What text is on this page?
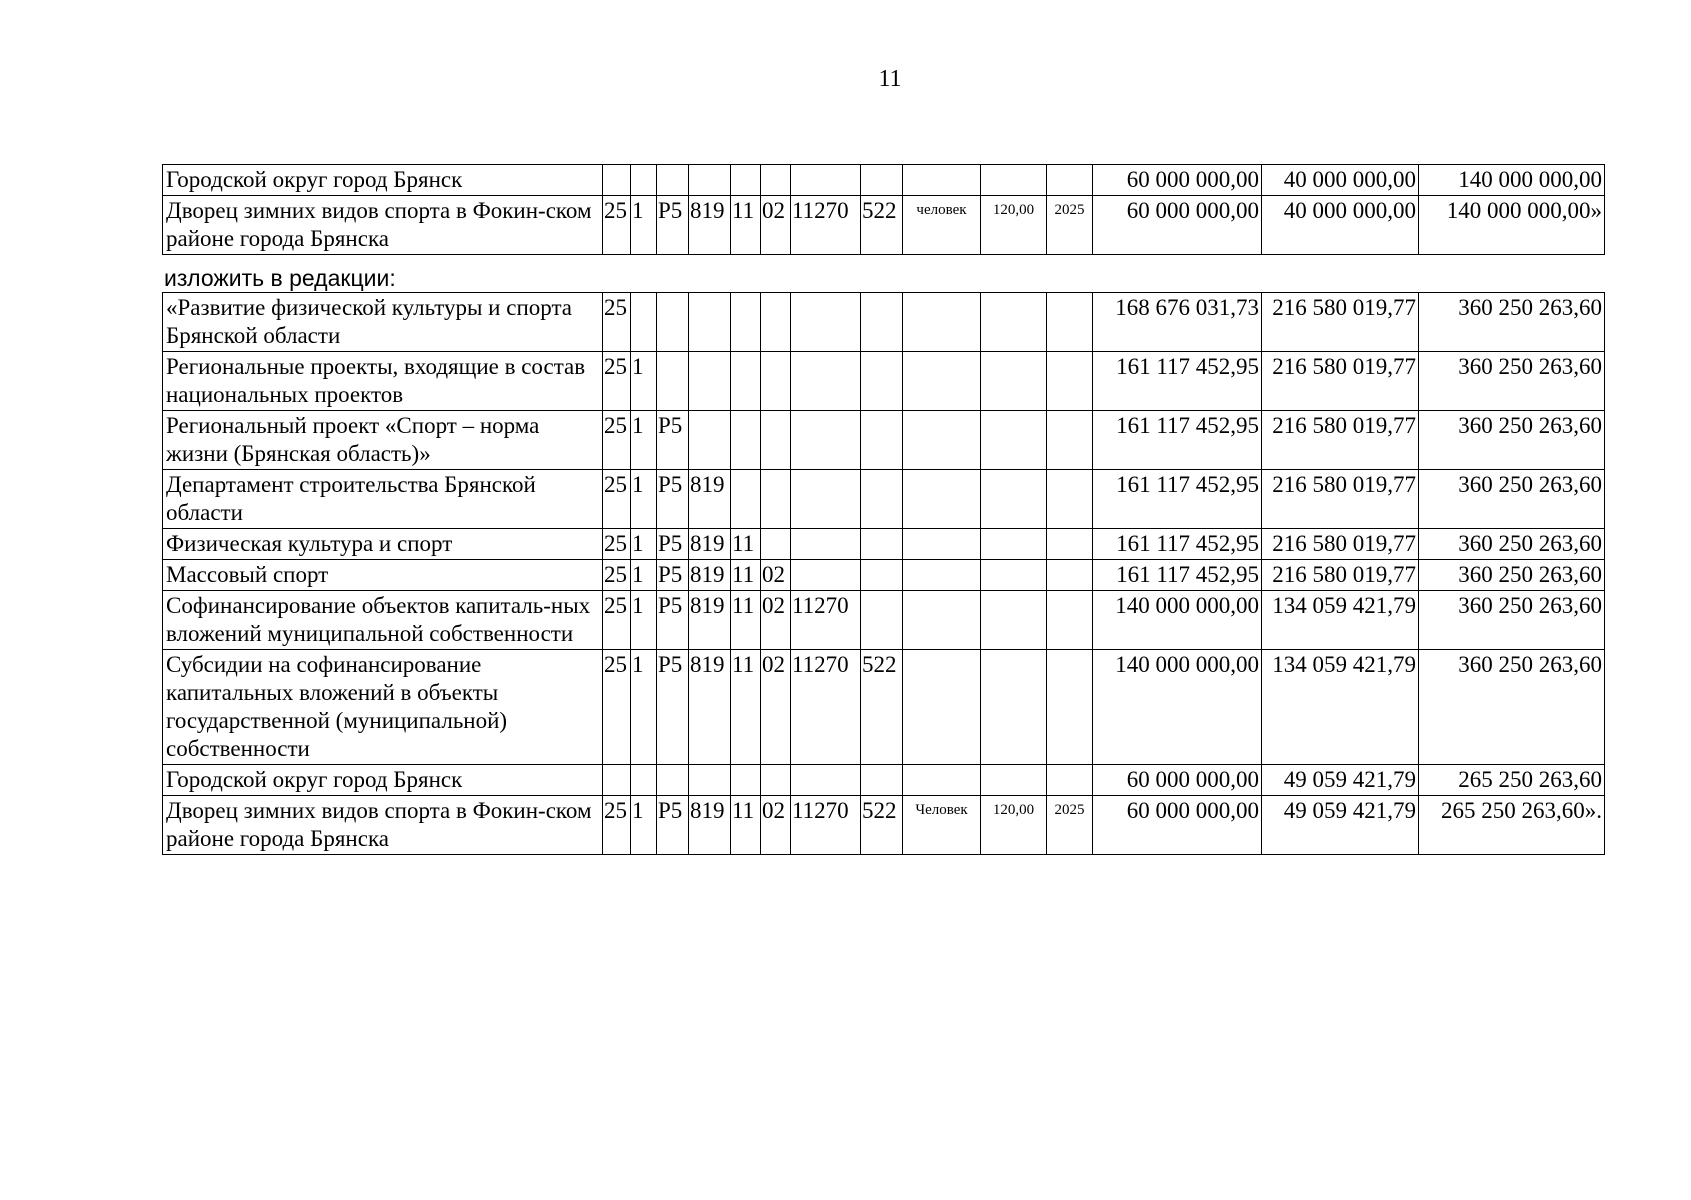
11
Городской округ город Брянск												60 000 000,00	40 000 000,00	140 000 000,00
Дворец зимних видов спорта в Фокин-ском районе города Брянска	25	1	P5	819	11	02	11270	522	человек	120,00	2025	60 000 000,00	40 000 000,00	140 000 000,00»
изложить в редакции:
«Развитие физической культуры и спорта Брянской области	25											168 676 031,73	216 580 019,77	360 250 263,60
Региональные проекты, входящие в состав национальных проектов	25	1										161 117 452,95	216 580 019,77	360 250 263,60
Региональный проект «Спорт – норма жизни (Брянская область)»	25	1	P5									161 117 452,95	216 580 019,77	360 250 263,60
Департамент строительства Брянской области	25	1	P5	819								161 117 452,95	216 580 019,77	360 250 263,60
Физическая культура и спорт	25	1	P5	819	11							161 117 452,95	216 580 019,77	360 250 263,60
Массовый спорт	25	1	P5	819	11	02						161 117 452,95	216 580 019,77	360 250 263,60
Софинансирование объектов капиталь-ных вложений муниципальной собственности	25	1	P5	819	11	02	11270					140 000 000,00	134 059 421,79	360 250 263,60
Субсидии на софинансирование капитальных вложений в объекты государственной (муниципальной) собственности	25	1	P5	819	11	02	11270	522				140 000 000,00	134 059 421,79	360 250 263,60
Городской округ город Брянск												60 000 000,00	49 059 421,79	265 250 263,60
Дворец зимних видов спорта в Фокин-ском районе города Брянска	25	1	P5	819	11	02	11270	522	Человек	120,00	2025	60 000 000,00	49 059 421,79	265 250 263,60».
